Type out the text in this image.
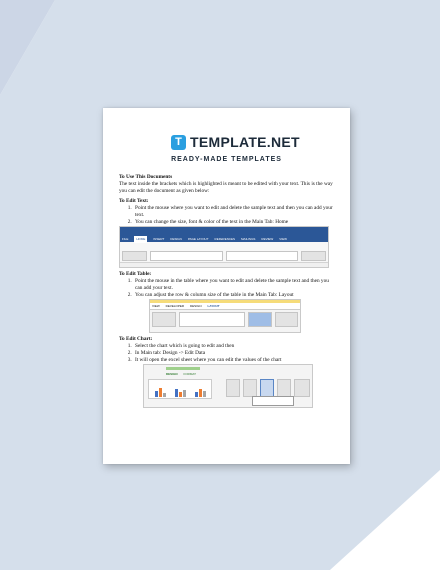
T TEMPLATE.NET
READY-MADE TEMPLATES
To Use This Documents

The text inside the brackets which is highlighted is meant to be edited with your text. This is the way you can edit the document as given below:

To Edit Text:
1. Point the mouse where you want to edit and delete the sample text and then you can add your text.
2. You can change the size, font & color of the text in the Main Tab: Home
FILE	HOME	INSERT DESIGN PAGE LAYOUT REFERENCES MAILINGS REVIEW VIEW
To Edit Table:
1. Point the mouse in the table where you want to edit and delete the sample text and then you can add your text.
2. You can adjust the row & column size of the table in the Main Tab: Layout
VIEW DEVELOPER DESIGN LAYOUT
To Edit Chart:
1. Select the chart which is going to edit and then
2. In Main tab: Design -> Edit Data
3. It will open the excel sheet where you can edit the values of the chart
DESIGN FORMAT
